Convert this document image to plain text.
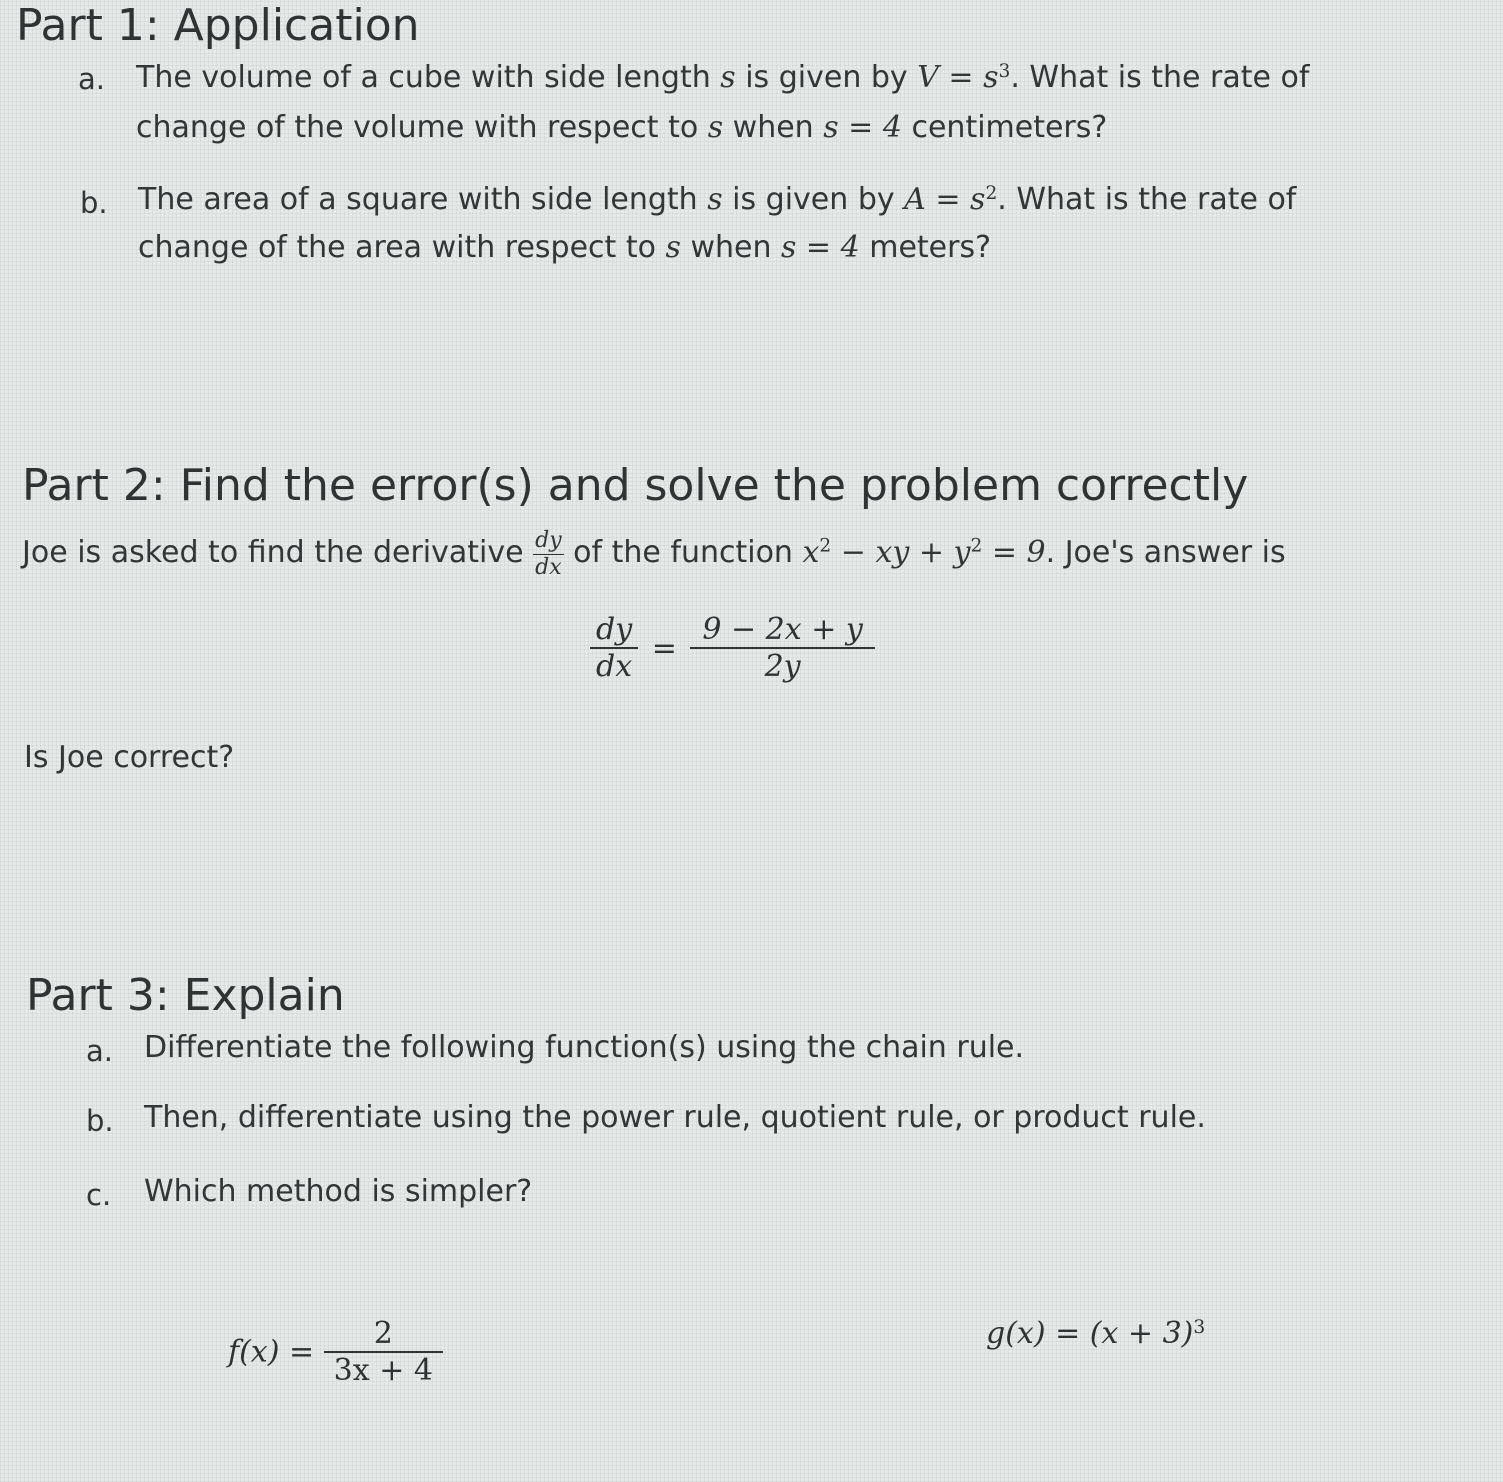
Part 1: Application
a. The volume of a cube with side length s is given by $V = s^3$. What is the rate of
change of the volume with respect to s when s = 4 centimeters?
b. The area of a square with side length s is given by $A = s^2$. What is the rate of
change of the area with respect to s when s = 4 meters?
Part 2: Find the error(s) and solve the problem correctly
Joe is asked to find the derivative $\frac{dy}{dx}$ of the function $x^2$ − xy + $y^2 = 9$. Joe's answer is
$\frac{dy}{dx} = \frac{9 - 2x + y}{2y}$
Is Joe correct?
Part 3: Explain
a. Differentiate the following function(s) using the chain rule.
b. Then, differentiate using the power rule, quotient rule, or product rule.
c. Which method is simpler?
$f(x) = \frac{2}{3x + 4}$	$g(x) = (x + 3)^3$
